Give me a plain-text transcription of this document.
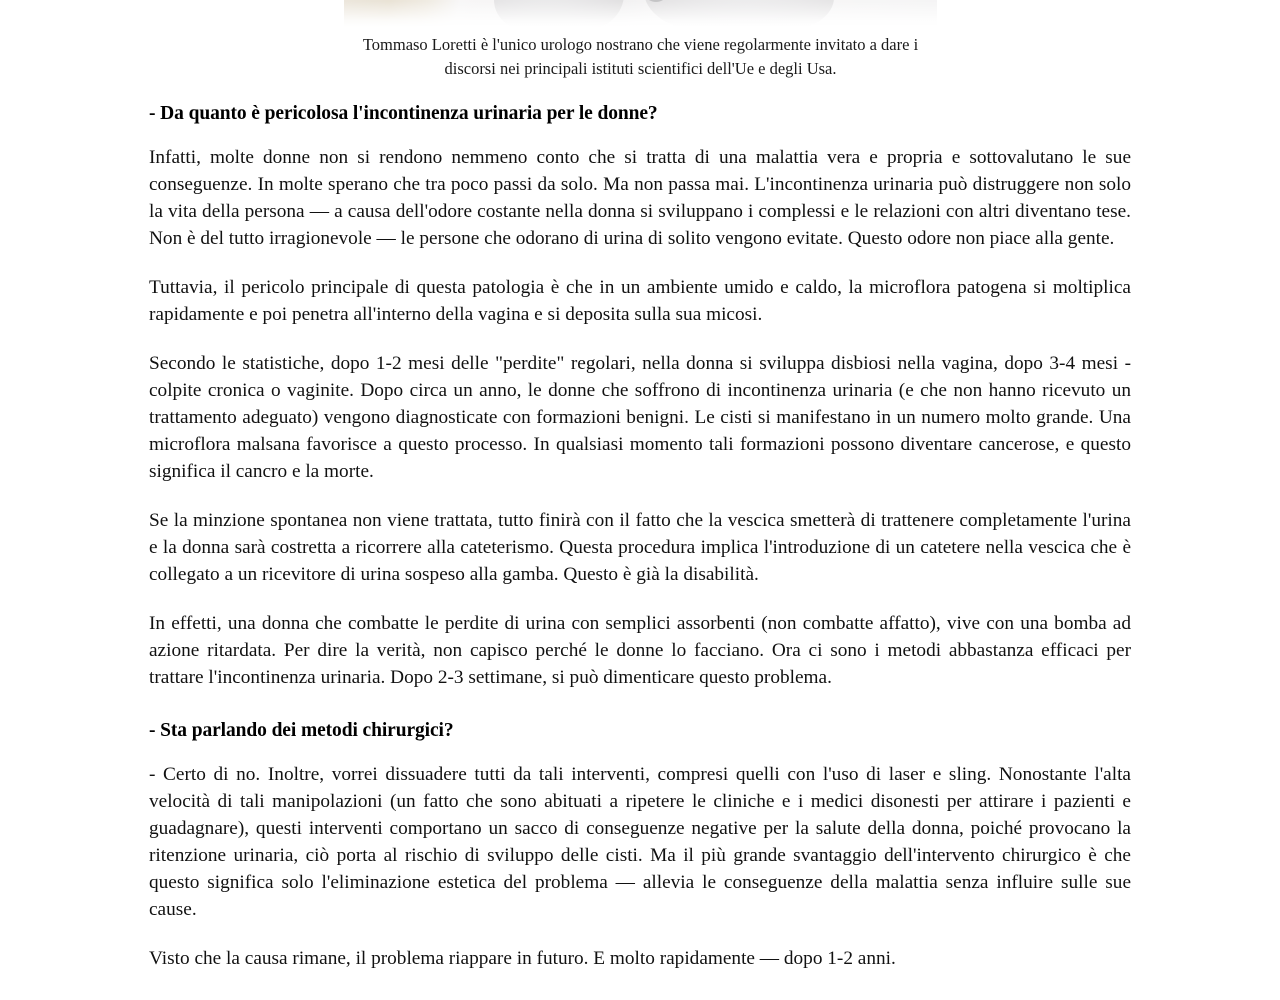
Tommaso Loretti è l'unico urologo nostrano che viene regolarmente invitato a dare i discorsi nei principali istituti scientifici dell'Ue e degli Usa.
- Da quanto è pericolosa l'incontinenza urinaria per le donne?

Infatti, molte donne non si rendono nemmeno conto che si tratta di una malattia vera e propria e sottovalutano le sue conseguenze. In molte sperano che tra poco passi da solo. Ma non passa mai. L'incontinenza urinaria può distruggere non solo la vita della persona — a causa dell'odore costante nella donna si sviluppano i complessi e le relazioni con altri diventano tese. Non è del tutto irragionevole — le persone che odorano di urina di solito vengono evitate. Questo odore non piace alla gente.

Tuttavia, il pericolo principale di questa patologia è che in un ambiente umido e caldo, la microflora patogena si moltiplica rapidamente e poi penetra all'interno della vagina e si deposita sulla sua micosi.

Secondo le statistiche, dopo 1-2 mesi delle "perdite" regolari, nella donna si sviluppa disbiosi nella vagina, dopo 3-4 mesi - colpite cronica o vaginite. Dopo circa un anno, le donne che soffrono di incontinenza urinaria (e che non hanno ricevuto un trattamento adeguato) vengono diagnosticate con formazioni benigni. Le cisti si manifestano in un numero molto grande. Una microflora malsana favorisce a questo processo. In qualsiasi momento tali formazioni possono diventare cancerose, e questo significa il cancro e la morte.

Se la minzione spontanea non viene trattata, tutto finirà con il fatto che la vescica smetterà di trattenere completamente l'urina e la donna sarà costretta a ricorrere alla cateterismo. Questa procedura implica l'introduzione di un catetere nella vescica che è collegato a un ricevitore di urina sospeso alla gamba. Questo è già la disabilità.

In effetti, una donna che combatte le perdite di urina con semplici assorbenti (non combatte affatto), vive con una bomba ad azione ritardata. Per dire la verità, non capisco perché le donne lo facciano. Ora ci sono i metodi abbastanza efficaci per trattare l'incontinenza urinaria. Dopo 2-3 settimane, si può dimenticare questo problema.

- Sta parlando dei metodi chirurgici?

- Certo di no. Inoltre, vorrei dissuadere tutti da tali interventi, compresi quelli con l'uso di laser e sling. Nonostante l'alta velocità di tali manipolazioni (un fatto che sono abituati a ripetere le cliniche e i medici disonesti per attirare i pazienti e guadagnare), questi interventi comportano un sacco di conseguenze negative per la salute della donna, poiché provocano la ritenzione urinaria, ciò porta al rischio di sviluppo delle cisti. Ma il più grande svantaggio dell'intervento chirurgico è che questo significa solo l'eliminazione estetica del problema — allevia le conseguenze della malattia senza influire sulle sue cause.

Visto che la causa rimane, il problema riappare in futuro. E molto rapidamente — dopo 1-2 anni.
